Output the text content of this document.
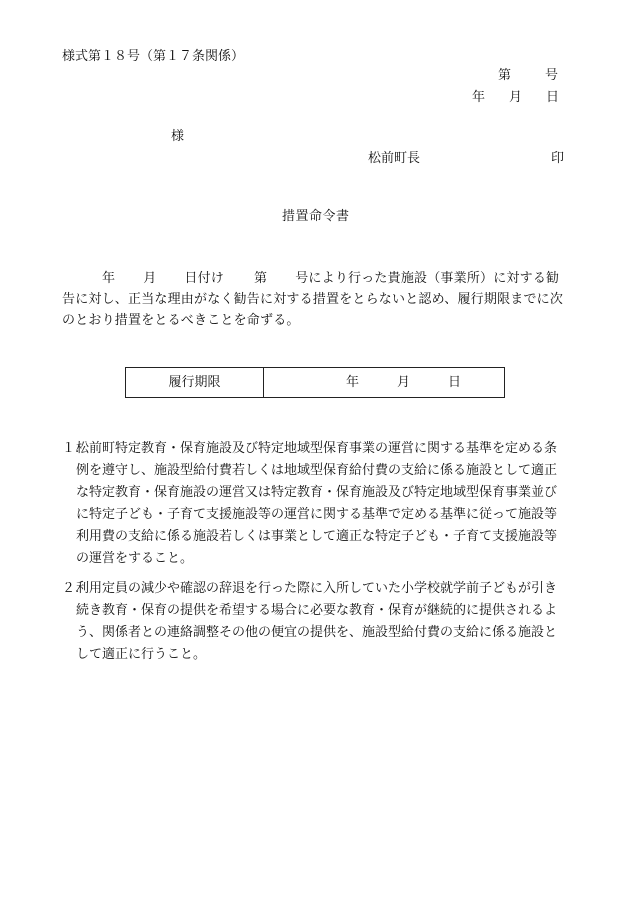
様式第１８号（第１７条関係）
第	号
年 月 日
様
松前町長	印
措置命令書
年 月 日付け 第 号により行った貴施設（事業所）に対する勧告に対し、正当な理由がなく勧告に対する措置をとらないと認め、履行期限までに次のとおり措置をとるべきことを命ずる。
履行期限	年	月	日
１.
松前町特定教育・保育施設及び特定地域型保育事業の運営に関する基準を定める条例を遵守し、施設型給付費若しくは地域型保育給付費の支給に係る施設として適正な特定教育・保育施設の運営又は特定教育・保育施設及び特定地域型保育事業並びに特定子ども・子育て支援施設等の運営に関する基準で定める基準に従って施設等利用費の支給に係る施設若しくは事業として適正な特定子ども・子育て支援施設等の運営をすること。
２.
利用定員の減少や確認の辞退を行った際に入所していた小学校就学前子どもが引き続き教育・保育の提供を希望する場合に必要な教育・保育が継続的に提供されるよう、関係者との連絡調整その他の便宜の提供を、施設型給付費の支給に係る施設として適正に行うこと。
